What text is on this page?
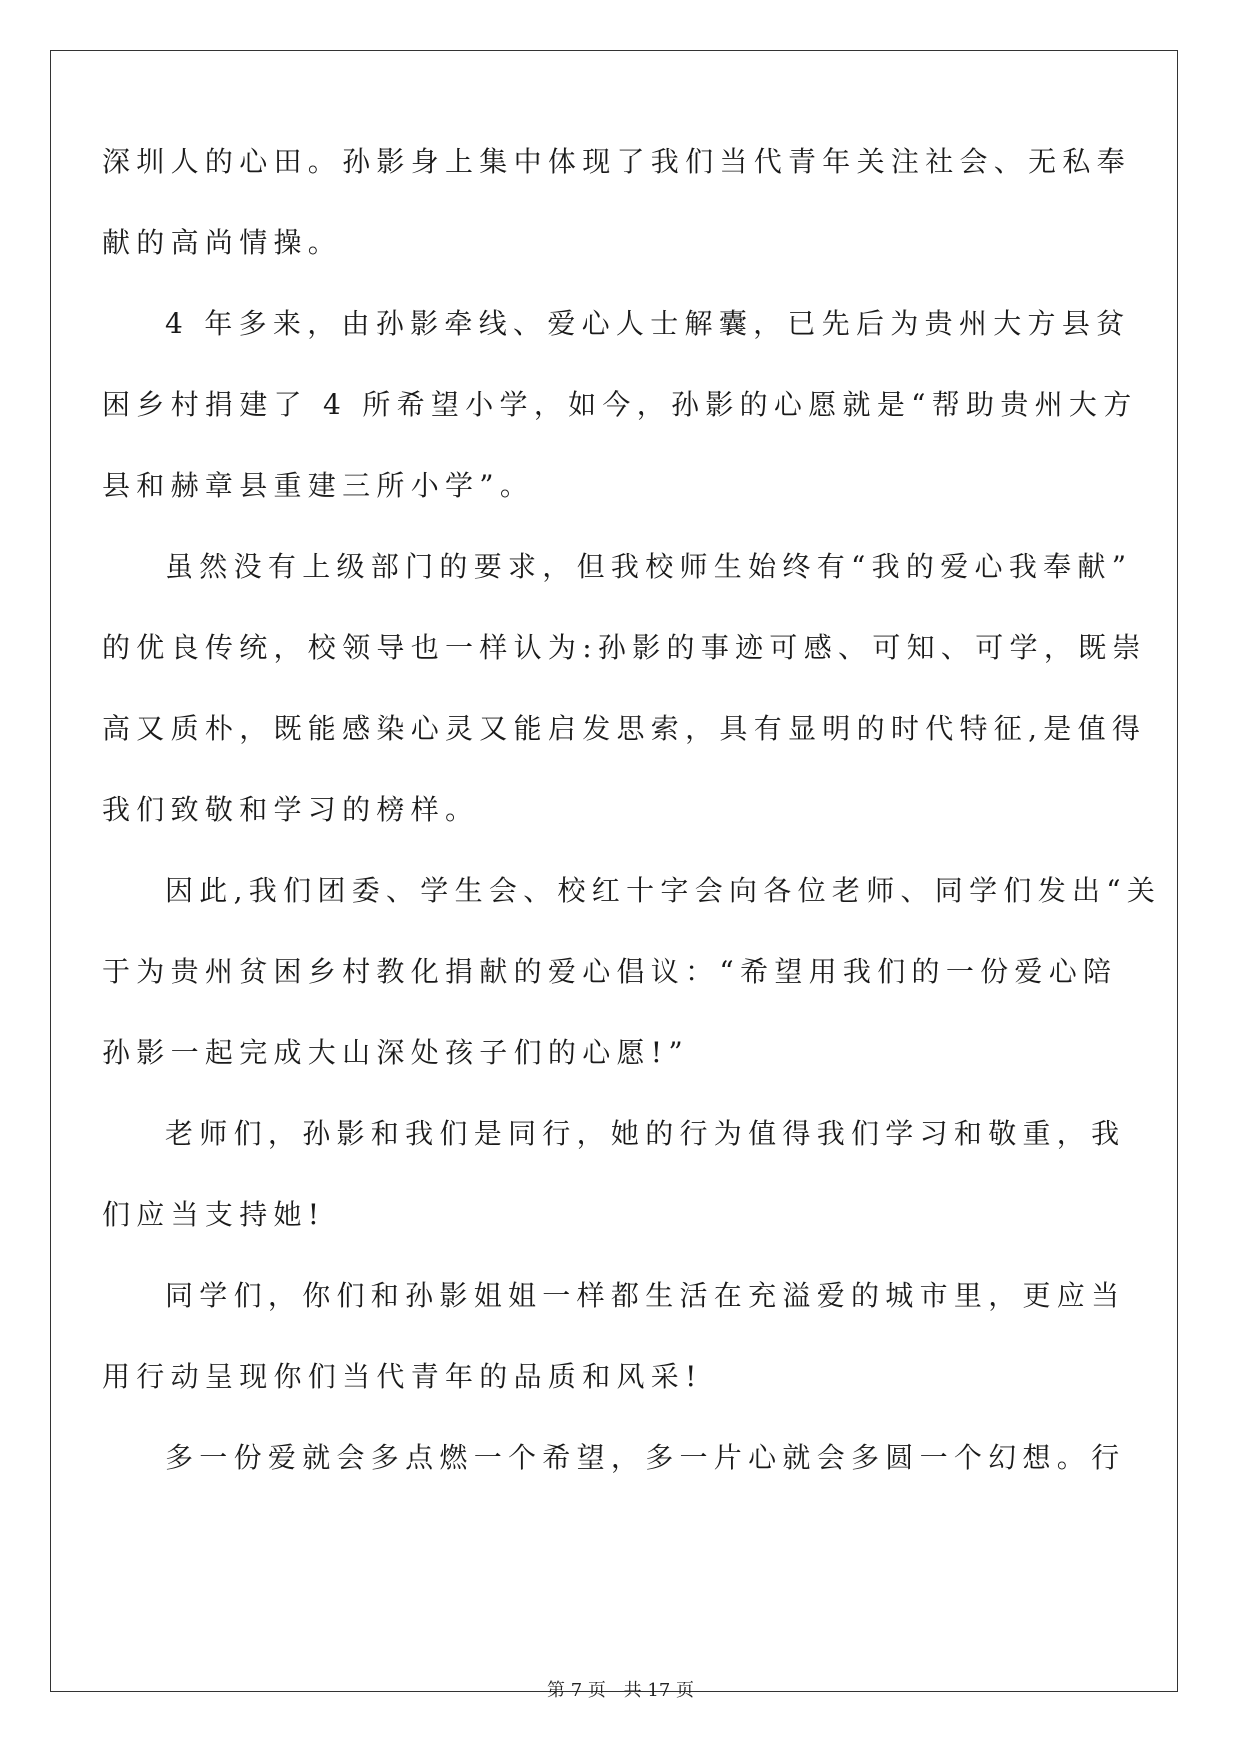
深圳人的心田。孙影身上集中体现了我们当代青年关注社会、无私奉
献的高尚情操。
4 年多来，由孙影牵线、爱心人士解囊，已先后为贵州大方县贫
困乡村捐建了 4 所希望小学，如今，孙影的心愿就是“帮助贵州大方
县和赫章县重建三所小学”。
虽然没有上级部门的要求，但我校师生始终有“我的爱心我奉献”
的优良传统，校领导也一样认为:孙影的事迹可感、可知、可学，既崇
高又质朴，既能感染心灵又能启发思索，具有显明的时代特征,是值得
我们致敬和学习的榜样。
因此,我们团委、学生会、校红十字会向各位老师、同学们发出“关
于为贵州贫困乡村教化捐献的爱心倡议：“希望用我们的一份爱心陪
孙影一起完成大山深处孩子们的心愿!”
老师们，孙影和我们是同行，她的行为值得我们学习和敬重，我
们应当支持她!
同学们，你们和孙影姐姐一样都生活在充溢爱的城市里，更应当
用行动呈现你们当代青年的品质和风采!
多一份爱就会多点燃一个希望，多一片心就会多圆一个幻想。行
第 7 页 共 17 页
